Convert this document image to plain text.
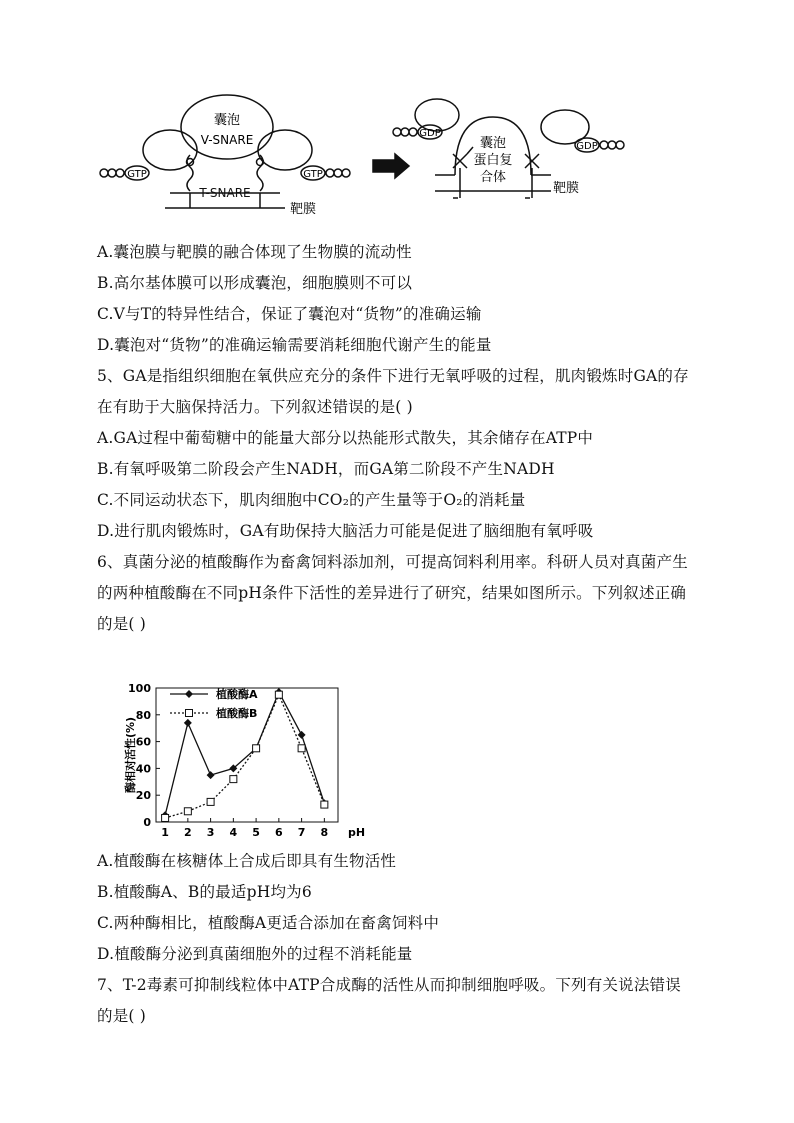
囊泡
V-SNARE
GTP	GTP
T-SNARE
靶膜
GDP
GDP
囊泡
蛋白复
合体
靶膜
A.囊泡膜与靶膜的融合体现了生物膜的流动性
B.高尔基体膜可以形成囊泡，细胞膜则不可以
C.V与T的特异性结合，保证了囊泡对“货物”的准确运输
D.囊泡对“货物”的准确运输需要消耗细胞代谢产生的能量
5、GA是指组织细胞在氧供应充分的条件下进行无氧呼吸的过程，肌肉锻炼时GA的存
在有助于大脑保持活力。下列叙述错误的是( )
A.GA过程中葡萄糖中的能量大部分以热能形式散失，其余储存在ATP中
B.有氧呼吸第二阶段会产生NADH，而GA第二阶段不产生NADH
C.不同运动状态下，肌肉细胞中CO₂的产生量等于O₂的消耗量
D.进行肌肉锻炼时，GA有助保持大脑活力可能是促进了脑细胞有氧呼吸
6、真菌分泌的植酸酶作为畜禽饲料添加剂，可提高饲料利用率。科研人员对真菌产生
的两种植酸酶在不同pH条件下活性的差异进行了研究，结果如图所示。下列叙述正确
的是( )
0
20
40
60
80
100
1 2 3 4 5 6 7 8 pH
酶相对活性(%)
植酸酶A
植酸酶B
A.植酸酶在核糖体上合成后即具有生物活性
B.植酸酶A、B的最适pH均为6
C.两种酶相比，植酸酶A更适合添加在畜禽饲料中
D.植酸酶分泌到真菌细胞外的过程不消耗能量
7、T-2毒素可抑制线粒体中ATP合成酶的活性从而抑制细胞呼吸。下列有关说法错误
的是( )
